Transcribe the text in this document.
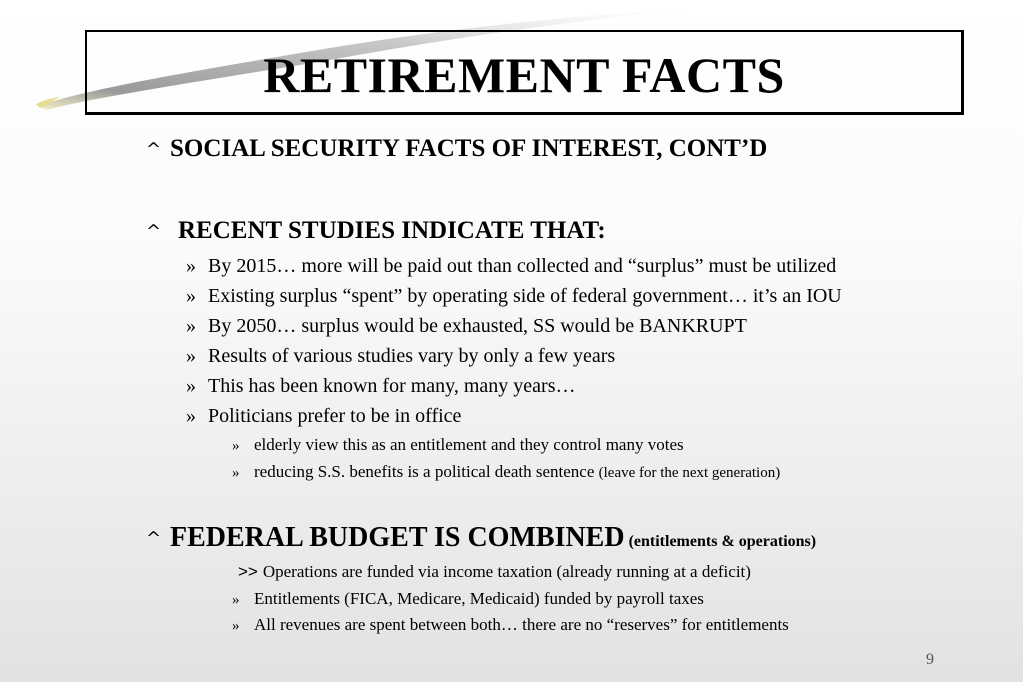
RETIREMENT FACTS
^ SOCIAL SECURITY FACTS OF INTEREST, CONT’D
^ RECENT STUDIES INDICATE THAT:
» By 2015… more will be paid out than collected and “surplus” must be utilized
» Existing surplus “spent” by operating side of federal government… it’s an IOU
» By 2050… surplus would be exhausted, SS would be BANKRUPT
» Results of various studies vary by only a few years
» This has been known for many, many years…
» Politicians prefer to be in office
» elderly view this as an entitlement and they control many votes
» reducing S.S. benefits is a political death sentence (leave for the next generation)
^ FEDERAL BUDGET IS COMBINED (entitlements & operations)
>> Operations are funded via income taxation (already running at a deficit)
» Entitlements (FICA, Medicare, Medicaid) funded by payroll taxes
» All revenues are spent between both… there are no “reserves” for entitlements
9
